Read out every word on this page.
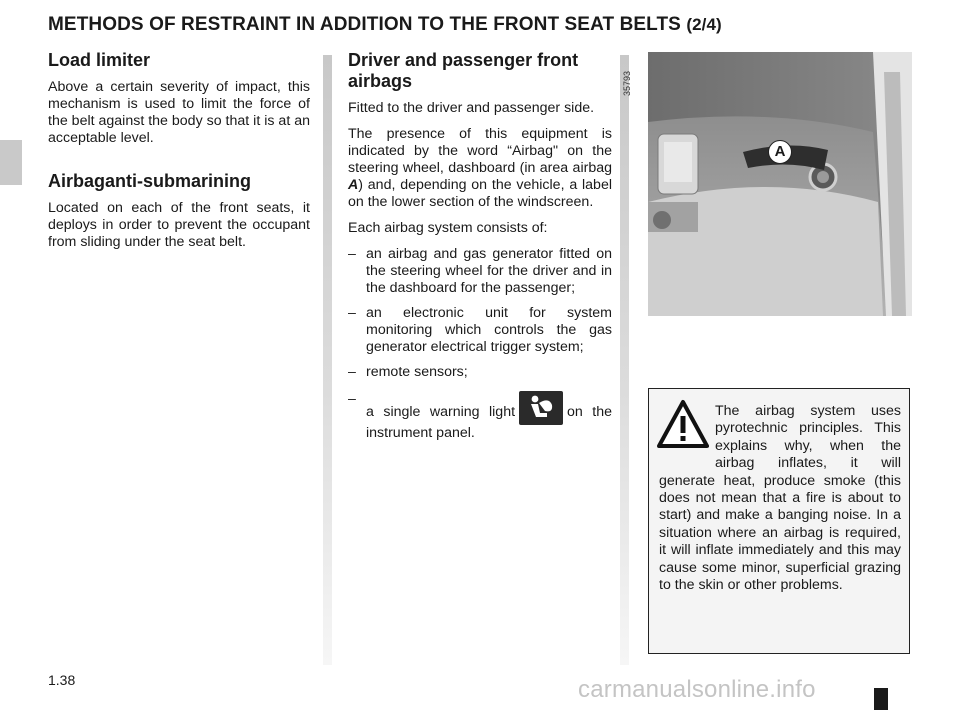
METHODS OF RESTRAINT IN ADDITION TO THE FRONT SEAT BELTS (2/4)
Load limiter

Above a certain severity of impact, this mechanism is used to limit the force of the belt against the body so that it is at an acceptable level.

Airbaganti-submarining

Located on each of the front seats, it deploys in order to prevent the occupant from sliding under the seat belt.

Driver and passenger front airbags

Fitted to the driver and passenger side.

The presence of this equipment is indicated by the word “Airbag" on the steering wheel, dashboard (in area airbag A) and, depending on the vehicle, a label on the lower section of the windscreen.

Each airbag system consists of:

– an airbag and gas generator fitted on the steering wheel for the driver and in the dashboard for the passenger;
– an electronic unit for system monitoring which controls the gas generator electrical trigger system;
– remote sensors;
–
a single warning light	on the instrument panel.
35793
A

The airbag system uses pyrotechnic principles. This explains why, when the airbag inflates, it will generate heat, produce smoke (this does not mean that a fire is about to start) and make a banging noise. In a situation where an airbag is required, it will inflate immediately and this may cause some minor, superficial grazing to the skin or other problems.

1.38	carmanualsonline.info
